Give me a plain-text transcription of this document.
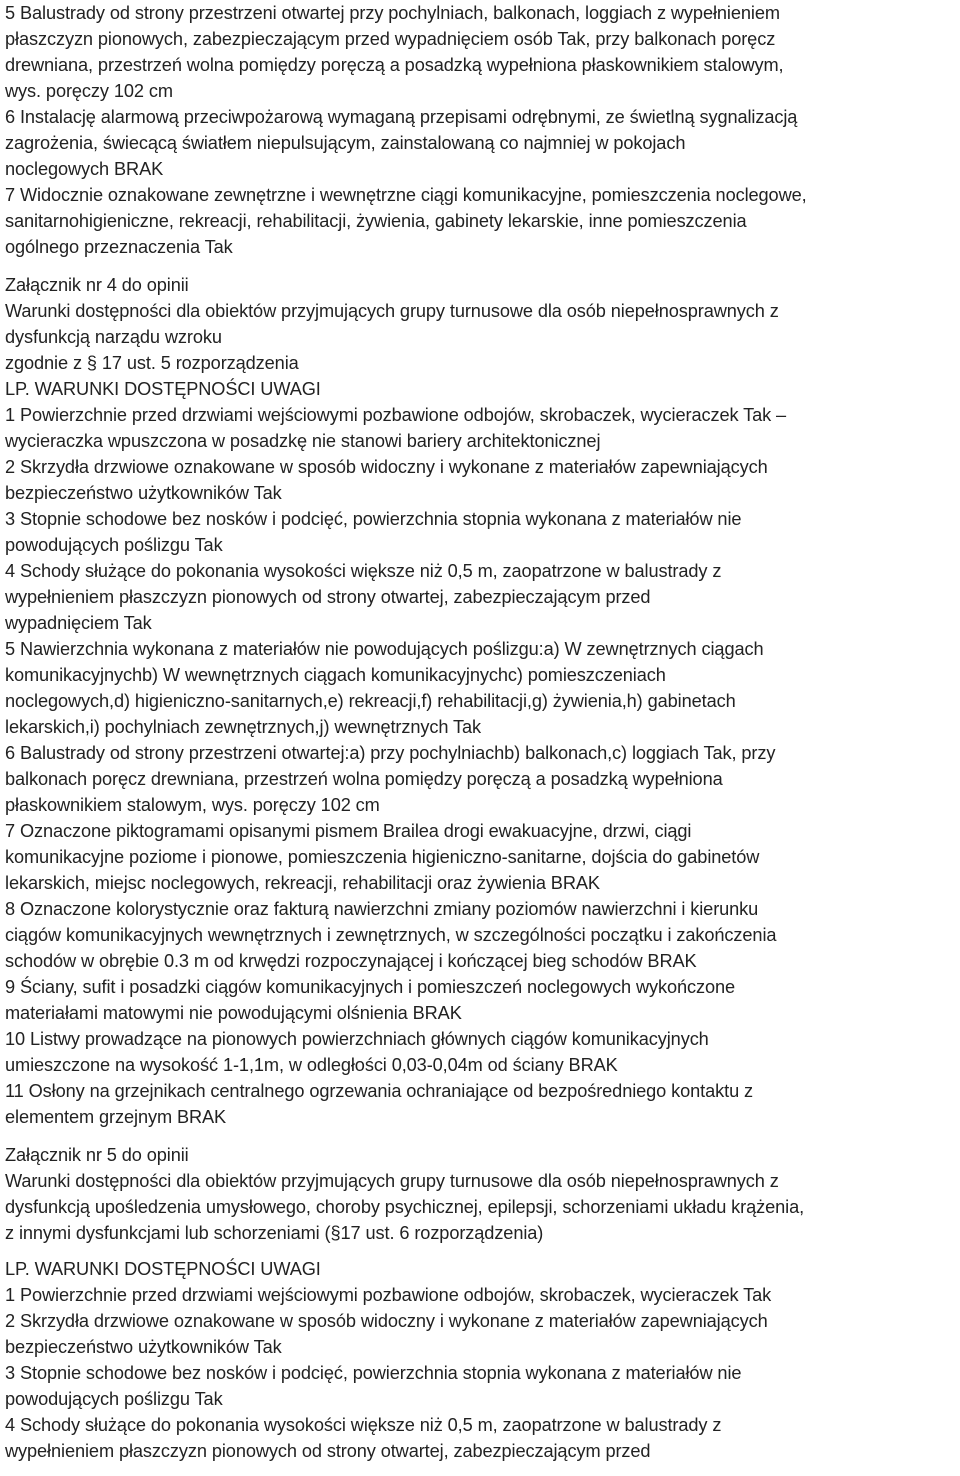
5 Balustrady od strony przestrzeni otwartej przy pochylniach, balkonach, loggiach z wypełnieniem
płaszczyzn pionowych, zabezpieczającym przed wypadnięciem osób Tak, przy balkonach poręcz
drewniana, przestrzeń wolna pomiędzy poręczą a posadzką wypełniona płaskownikiem stalowym,
wys. poręczy 102 cm
6 Instalację alarmową przeciwpożarową wymaganą przepisami odrębnymi, ze świetlną sygnalizacją
zagrożenia, świecącą światłem niepulsującym, zainstalowaną co najmniej w pokojach
noclegowych BRAK
7 Widocznie oznakowane zewnętrzne i wewnętrzne ciągi komunikacyjne, pomieszczenia noclegowe,
sanitarnohigieniczne, rekreacji, rehabilitacji, żywienia, gabinety lekarskie, inne pomieszczenia
ogólnego przeznaczenia Tak
Załącznik nr 4 do opinii
Warunki dostępności dla obiektów przyjmujących grupy turnusowe dla osób niepełnosprawnych z
dysfunkcją narządu wzroku
zgodnie z § 17 ust. 5 rozporządzenia
LP. WARUNKI DOSTĘPNOŚCI UWAGI
1 Powierzchnie przed drzwiami wejściowymi pozbawione odbojów, skrobaczek, wycieraczek Tak –
wycieraczka wpuszczona w posadzkę nie stanowi bariery architektonicznej
2 Skrzydła drzwiowe oznakowane w sposób widoczny i wykonane z materiałów zapewniających
bezpieczeństwo użytkowników Tak
3 Stopnie schodowe bez nosków i podcięć, powierzchnia stopnia wykonana z materiałów nie
powodujących poślizgu Tak
4 Schody służące do pokonania wysokości większe niż 0,5 m, zaopatrzone w balustrady z
wypełnieniem płaszczyzn pionowych od strony otwartej, zabezpieczającym przed
wypadnięciem Tak
5 Nawierzchnia wykonana z materiałów nie powodujących poślizgu:a) W zewnętrznych ciągach
komunikacyjnychb) W wewnętrznych ciągach komunikacyjnychc) pomieszczeniach
noclegowych,d) higieniczno-sanitarnych,e) rekreacji,f) rehabilitacji,g) żywienia,h) gabinetach
lekarskich,i) pochylniach zewnętrznych,j) wewnętrznych Tak
6 Balustrady od strony przestrzeni otwartej:a) przy pochylniachb) balkonach,c) loggiach Tak, przy
balkonach poręcz drewniana, przestrzeń wolna pomiędzy poręczą a posadzką wypełniona
płaskownikiem stalowym, wys. poręczy 102 cm
7 Oznaczone piktogramami opisanymi pismem Brailea drogi ewakuacyjne, drzwi, ciągi
komunikacyjne poziome i pionowe, pomieszczenia higieniczno-sanitarne, dojścia do gabinetów
lekarskich, miejsc noclegowych, rekreacji, rehabilitacji oraz żywienia BRAK
8 Oznaczone kolorystycznie oraz fakturą nawierzchni zmiany poziomów nawierzchni i kierunku
ciągów komunikacyjnych wewnętrznych i zewnętrznych, w szczególności początku i zakończenia
schodów w obrębie 0.3 m od krwędzi rozpoczynającej i kończącej bieg schodów BRAK
9 Ściany, sufit i posadzki ciągów komunikacyjnych i pomieszczeń noclegowych wykończone
materiałami matowymi nie powodującymi olśnienia BRAK
10 Listwy prowadzące na pionowych powierzchniach głównych ciągów komunikacyjnych
umieszczone na wysokość 1-1,1m, w odległości 0,03-0,04m od ściany BRAK
11 Osłony na grzejnikach centralnego ogrzewania ochraniające od bezpośredniego kontaktu z
elementem grzejnym BRAK
Załącznik nr 5 do opinii
Warunki dostępności dla obiektów przyjmujących grupy turnusowe dla osób niepełnosprawnych z
dysfunkcją upośledzenia umysłowego, choroby psychicznej, epilepsji, schorzeniami układu krążenia,
z innymi dysfunkcjami lub schorzeniami (§17 ust. 6 rozporządzenia)
LP. WARUNKI DOSTĘPNOŚCI UWAGI
1 Powierzchnie przed drzwiami wejściowymi pozbawione odbojów, skrobaczek, wycieraczek Tak
2 Skrzydła drzwiowe oznakowane w sposób widoczny i wykonane z materiałów zapewniających
bezpieczeństwo użytkowników Tak
3 Stopnie schodowe bez nosków i podcięć, powierzchnia stopnia wykonana z materiałów nie
powodujących poślizgu Tak
4 Schody służące do pokonania wysokości większe niż 0,5 m, zaopatrzone w balustrady z
wypełnieniem płaszczyzn pionowych od strony otwartej, zabezpieczającym przed
